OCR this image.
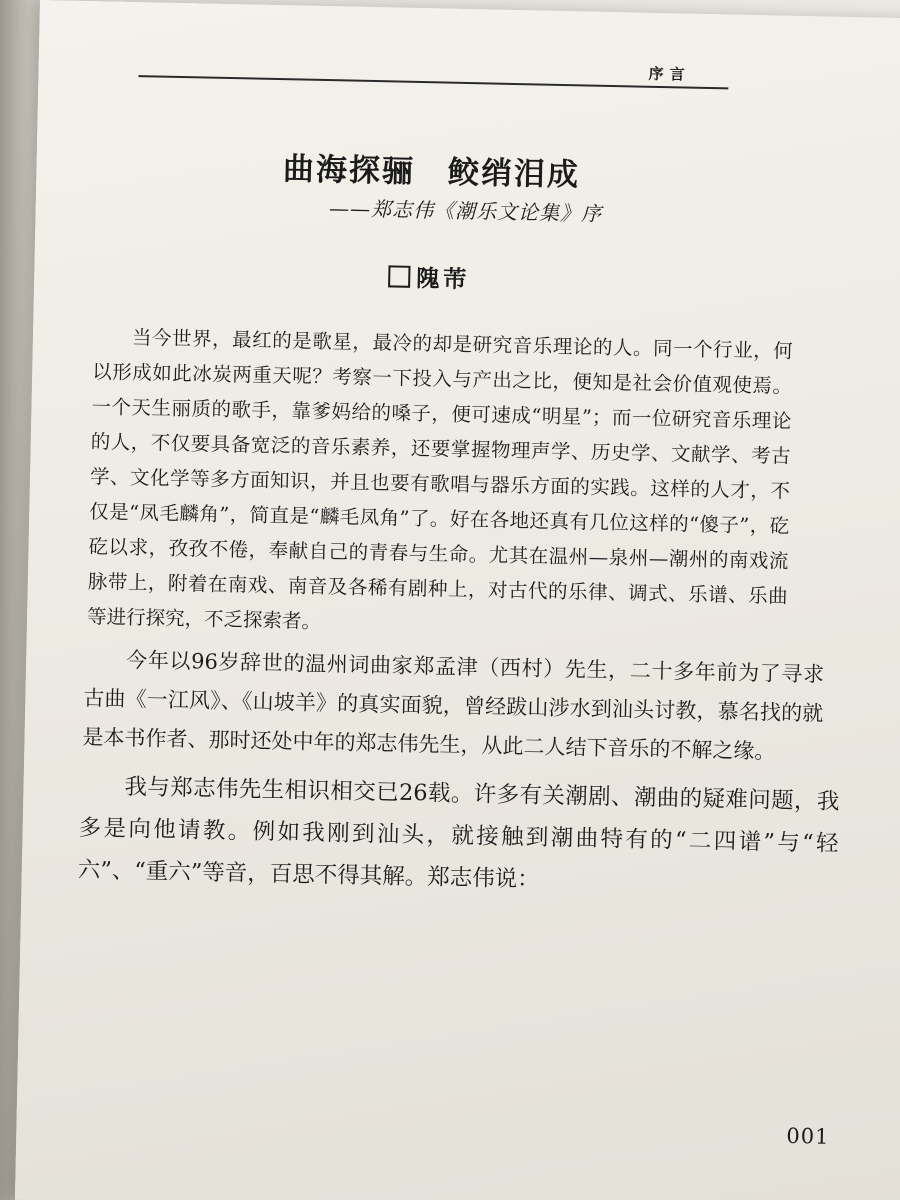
序言
曲海探骊　鲛绡泪成
——郑志伟《潮乐文论集》序
隗芾

当今世界，最红的是歌星，最冷的却是研究音乐理论的人。同一个行业，何以形成如此冰炭两重天呢？考察一下投入与产出之比，便知是社会价值观使焉。一个天生丽质的歌手，靠爹妈给的嗓子，便可速成“明星”；而一位研究音乐理论的人，不仅要具备宽泛的音乐素养，还要掌握物理声学、历史学、文献学、考古学、文化学等多方面知识，并且也要有歌唱与器乐方面的实践。这样的人才，不仅是“凤毛麟角”，简直是“麟毛凤角”了。好在各地还真有几位这样的“傻子”，矻矻以求，孜孜不倦，奉献自己的青春与生命。尤其在温州—泉州—潮州的南戏流脉带上，附着在南戏、南音及各稀有剧种上，对古代的乐律、调式、乐谱、乐曲等进行探究，不乏探索者。

今年以96岁辞世的温州词曲家郑孟津（西村）先生，二十多年前为了寻求古曲《一江风》、《山坡羊》的真实面貌，曾经跋山涉水到汕头讨教，慕名找的就是本书作者、那时还处中年的郑志伟先生，从此二人结下音乐的不解之缘。

我与郑志伟先生相识相交已26载。许多有关潮剧、潮曲的疑难问题，我多是向他请教。例如我刚到汕头，就接触到潮曲特有的“二四谱”与“轻六”、“重六”等音，百思不得其解。郑志伟说：

001
